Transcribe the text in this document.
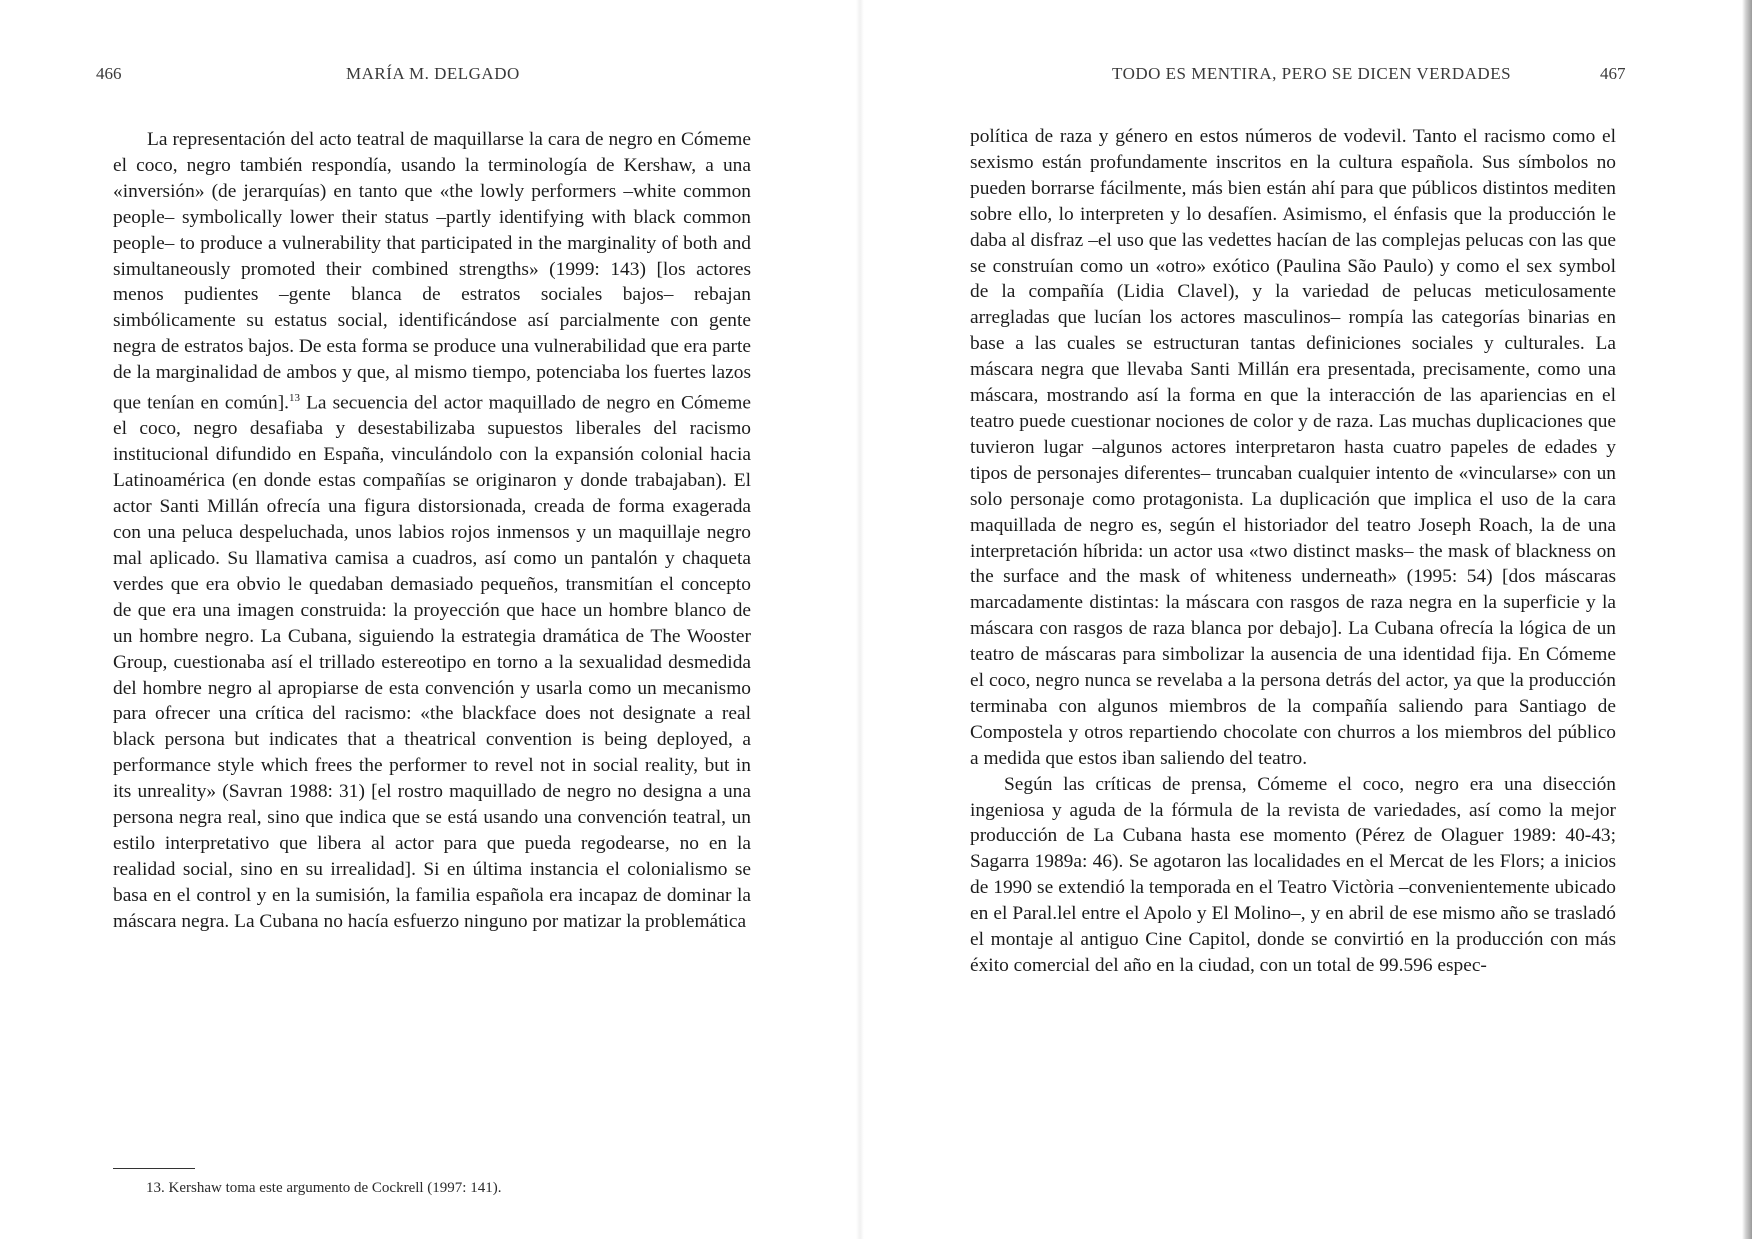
466	MARÍA M. DELGADO

La representación del acto teatral de maquillarse la cara de negro en Cómeme el coco, negro también respondía, usando la terminología de Kershaw, a una «inversión» (de jerarquías) en tanto que «the lowly performers –white common people– symbolically lower their status –partly identifying with black common people– to produce a vulnerability that participated in the marginality of both and simultaneously promoted their combined strengths» (1999: 143) [los actores menos pudientes –gente blanca de estratos sociales bajos– rebajan simbólicamente su estatus social, identificándose así parcialmente con gente negra de estratos bajos. De esta forma se produce una vulnerabilidad que era parte de la marginalidad de ambos y que, al mismo tiempo, potenciaba los fuertes lazos que tenían en común].$^{13}$ La secuencia del actor maquillado de negro en Cómeme el coco, negro desafiaba y desestabilizaba supuestos liberales del racismo institucional difundido en España, vinculándolo con la expansión colonial hacia Latinoamérica (en donde estas compañías se originaron y donde trabajaban). El actor Santi Millán ofrecía una figura distorsionada, creada de forma exagerada con una peluca despeluchada, unos labios rojos inmensos y un maquillaje negro mal aplicado. Su llamativa camisa a cuadros, así como un pantalón y chaqueta verdes que era obvio le quedaban demasiado pequeños, transmitían el concepto de que era una imagen construida: la proyección que hace un hombre blanco de un hombre negro. La Cubana, siguiendo la estrategia dramática de The Wooster Group, cuestionaba así el trillado estereotipo en torno a la sexualidad desmedida del hombre negro al apropiarse de esta convención y usarla como un mecanismo para ofrecer una crítica del racismo: «the blackface does not designate a real black persona but indicates that a theatrical convention is being deployed, a performance style which frees the performer to revel not in social reality, but in its unreality» (Savran 1988: 31) [el rostro maquillado de negro no designa a una persona negra real, sino que indica que se está usando una convención teatral, un estilo interpretativo que libera al actor para que pueda regodearse, no en la realidad social, sino en su irrealidad]. Si en última instancia el colonialismo se basa en el control y en la sumisión, la familia española era incapaz de dominar la máscara negra. La Cubana no hacía esfuerzo ninguno por matizar la problemática

13. Kershaw toma este argumento de Cockrell (1997: 141).
TODO ES MENTIRA, PERO SE DICEN VERDADES	467

política de raza y género en estos números de vodevil. Tanto el racismo como el sexismo están profundamente inscritos en la cultura española. Sus símbolos no pueden borrarse fácilmente, más bien están ahí para que públicos distintos mediten sobre ello, lo interpreten y lo desafíen. Asimismo, el énfasis que la producción le daba al disfraz –el uso que las vedettes hacían de las complejas pelucas con las que se construían como un «otro» exótico (Paulina São Paulo) y como el sex symbol de la compañía (Lidia Clavel), y la variedad de pelucas meticulosamente arregladas que lucían los actores masculinos– rompía las categorías binarias en base a las cuales se estructuran tantas definiciones sociales y culturales. La máscara negra que llevaba Santi Millán era presentada, precisamente, como una máscara, mostrando así la forma en que la interacción de las apariencias en el teatro puede cuestionar nociones de color y de raza. Las muchas duplicaciones que tuvieron lugar –algunos actores interpretaron hasta cuatro papeles de edades y tipos de personajes diferentes– truncaban cualquier intento de «vincularse» con un solo personaje como protagonista. La duplicación que implica el uso de la cara maquillada de negro es, según el historiador del teatro Joseph Roach, la de una interpretación híbrida: un actor usa «two distinct masks– the mask of blackness on the surface and the mask of whiteness underneath» (1995: 54) [dos máscaras marcadamente distintas: la máscara con rasgos de raza negra en la superficie y la máscara con rasgos de raza blanca por debajo]. La Cubana ofrecía la lógica de un teatro de máscaras para simbolizar la ausencia de una identidad fija. En Cómeme el coco, negro nunca se revelaba a la persona detrás del actor, ya que la producción terminaba con algunos miembros de la compañía saliendo para Santiago de Compostela y otros repartiendo chocolate con churros a los miembros del público a medida que estos iban saliendo del teatro.

Según las críticas de prensa, Cómeme el coco, negro era una disección ingeniosa y aguda de la fórmula de la revista de variedades, así como la mejor producción de La Cubana hasta ese momento (Pérez de Olaguer 1989: 40-43; Sagarra 1989a: 46). Se agotaron las localidades en el Mercat de les Flors; a inicios de 1990 se extendió la temporada en el Teatro Victòria –convenientemente ubicado en el Paral.lel entre el Apolo y El Molino–, y en abril de ese mismo año se trasladó el montaje al antiguo Cine Capitol, donde se convirtió en la producción con más éxito comercial del año en la ciudad, con un total de 99.596 espec-
